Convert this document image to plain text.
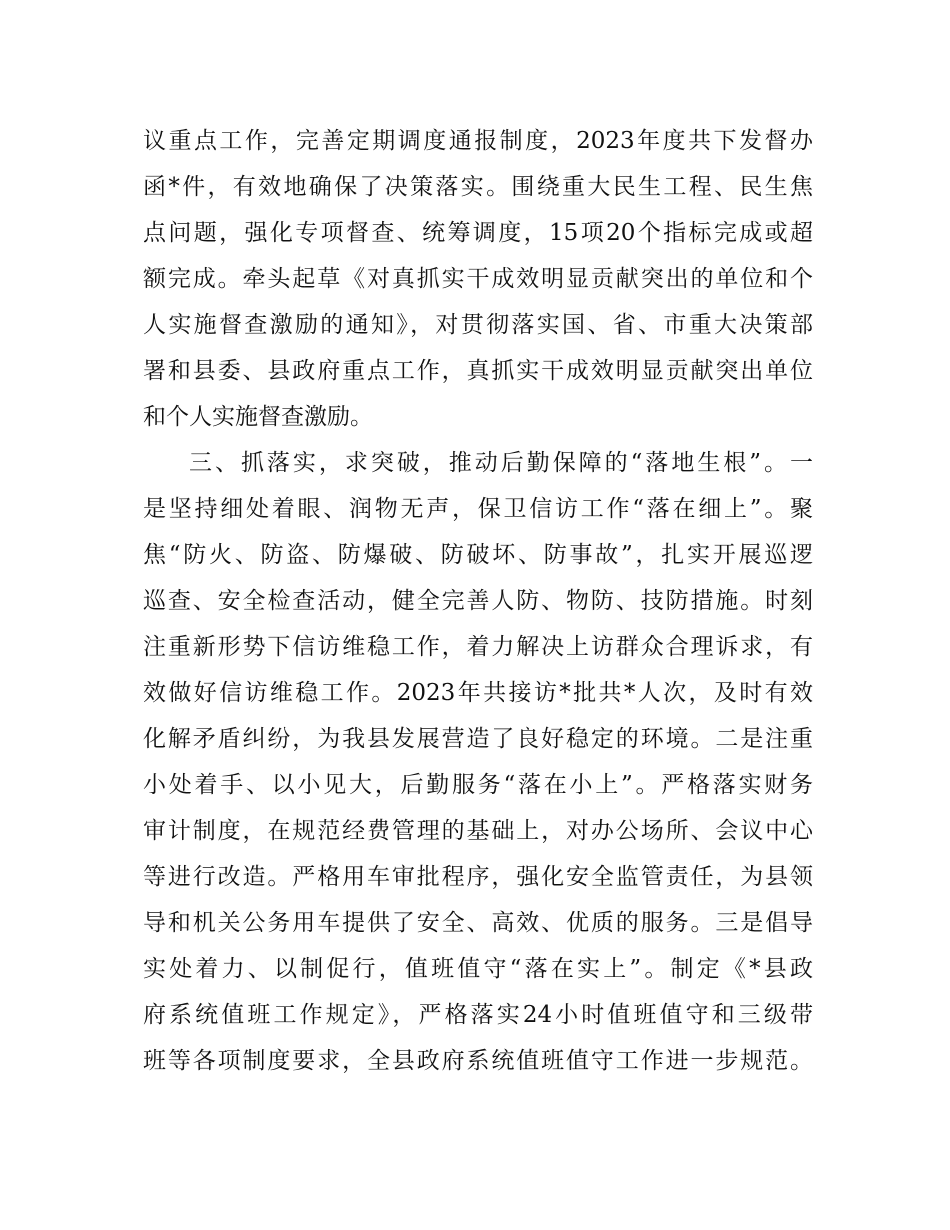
议重点工作，完善定期调度通报制度，2023年度共下发督办
函*件，有效地确保了决策落实。围绕重大民生工程、民生焦
点问题，强化专项督查、统筹调度，15项20个指标完成或超
额完成。牵头起草《对真抓实干成效明显贡献突出的单位和个
人实施督查激励的通知》，对贯彻落实国、省、市重大决策部
署和县委、县政府重点工作，真抓实干成效明显贡献突出单位
和个人实施督查激励。
三、抓落实，求突破，推动后勤保障的“落地生根”。一
是坚持细处着眼、润物无声，保卫信访工作“落在细上”。聚
焦“防火、防盗、防爆破、防破坏、防事故”，扎实开展巡逻
巡查、安全检查活动，健全完善人防、物防、技防措施。时刻
注重新形势下信访维稳工作，着力解决上访群众合理诉求，有
效做好信访维稳工作。2023年共接访*批共*人次，及时有效
化解矛盾纠纷，为我县发展营造了良好稳定的环境。二是注重
小处着手、以小见大，后勤服务“落在小上”。严格落实财务
审计制度，在规范经费管理的基础上，对办公场所、会议中心
等进行改造。严格用车审批程序，强化安全监管责任，为县领
导和机关公务用车提供了安全、高效、优质的服务。三是倡导
实处着力、以制促行，值班值守“落在实上”。制定《*县政
府系统值班工作规定》，严格落实24小时值班值守和三级带
班等各项制度要求，全县政府系统值班值守工作进一步规范。
